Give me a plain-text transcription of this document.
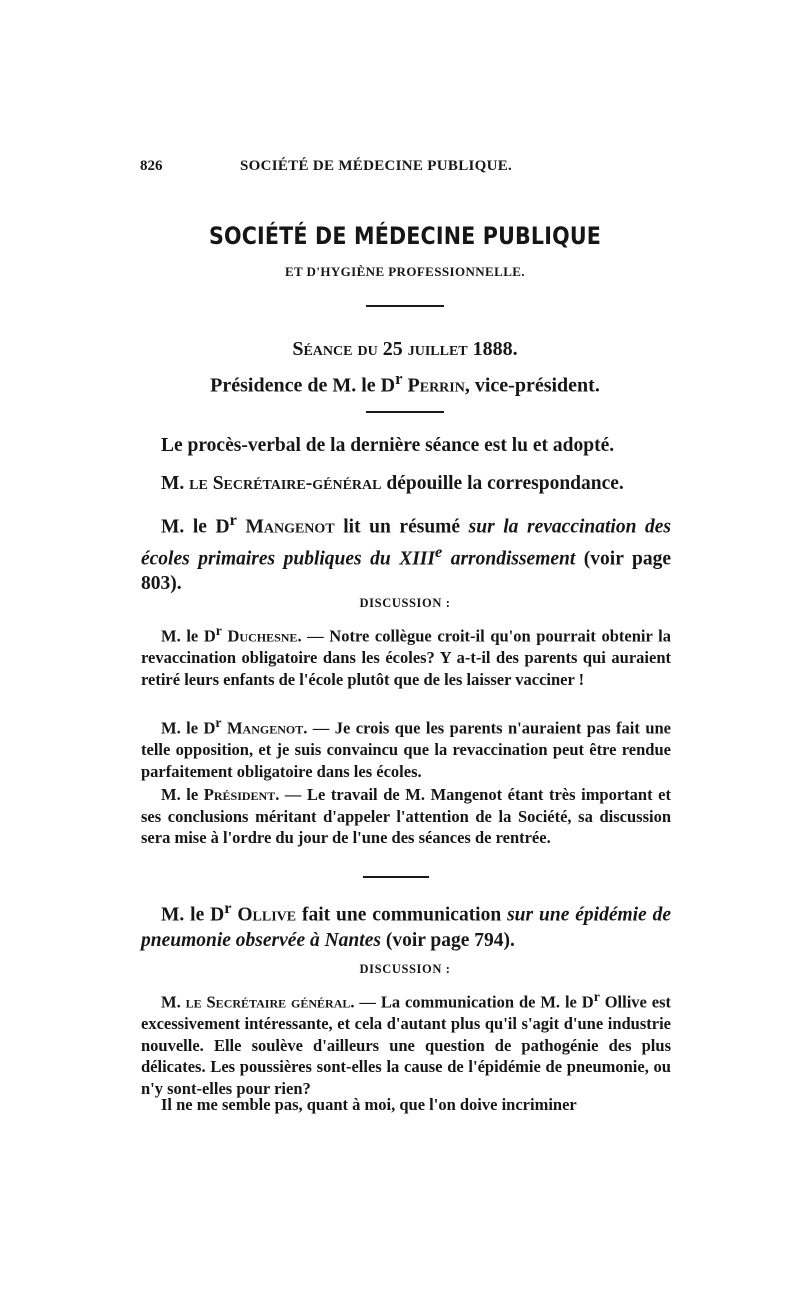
826	SOCIÉTÉ DE MÉDECINE PUBLIQUE.
SOCIÉTÉ DE MÉDECINE PUBLIQUE
ET D'HYGIÈNE PROFESSIONNELLE.
Séance du 25 juillet 1888.
Présidence de M. le $D^r$ Perrin, vice-président.

Le procès-verbal de la dernière séance est lu et adopté.

M. le Secrétaire-général dépouille la correspondance.

M. le $D^r$ Mangenot lit un résumé sur la revaccination des écoles primaires publiques du XIIIe arrondissement (voir page 803).

DISCUSSION :

M. le $D^r$ Duchesne. — Notre collègue croit-il qu'on pourrait obtenir la revaccination obligatoire dans les écoles? Y a-t-il des parents qui auraient retiré leurs enfants de l'école plutôt que de les laisser vacciner !

M. le $D^r$ Mangenot. — Je crois que les parents n'auraient pas fait une telle opposition, et je suis convaincu que la revaccination peut être rendue parfaitement obligatoire dans les écoles.

M. le Président. — Le travail de M. Mangenot étant très important et ses conclusions méritant d'appeler l'attention de la Société, sa discussion sera mise à l'ordre du jour de l'une des séances de rentrée.

M. le $D^r$ Ollive fait une communication sur une épidémie de pneumonie observée à Nantes (voir page 794).

DISCUSSION :

M. le Secrétaire général. — La communication de M. le $D^r$ Ollive est excessivement intéressante, et cela d'autant plus qu'il s'agit d'une industrie nouvelle. Elle soulève d'ailleurs une question de pathogénie des plus délicates. Les poussières sont-elles la cause de l'épidémie de pneumonie, ou n'y sont-elles pour rien?

Il ne me semble pas, quant à moi, que l'on doive incriminer
